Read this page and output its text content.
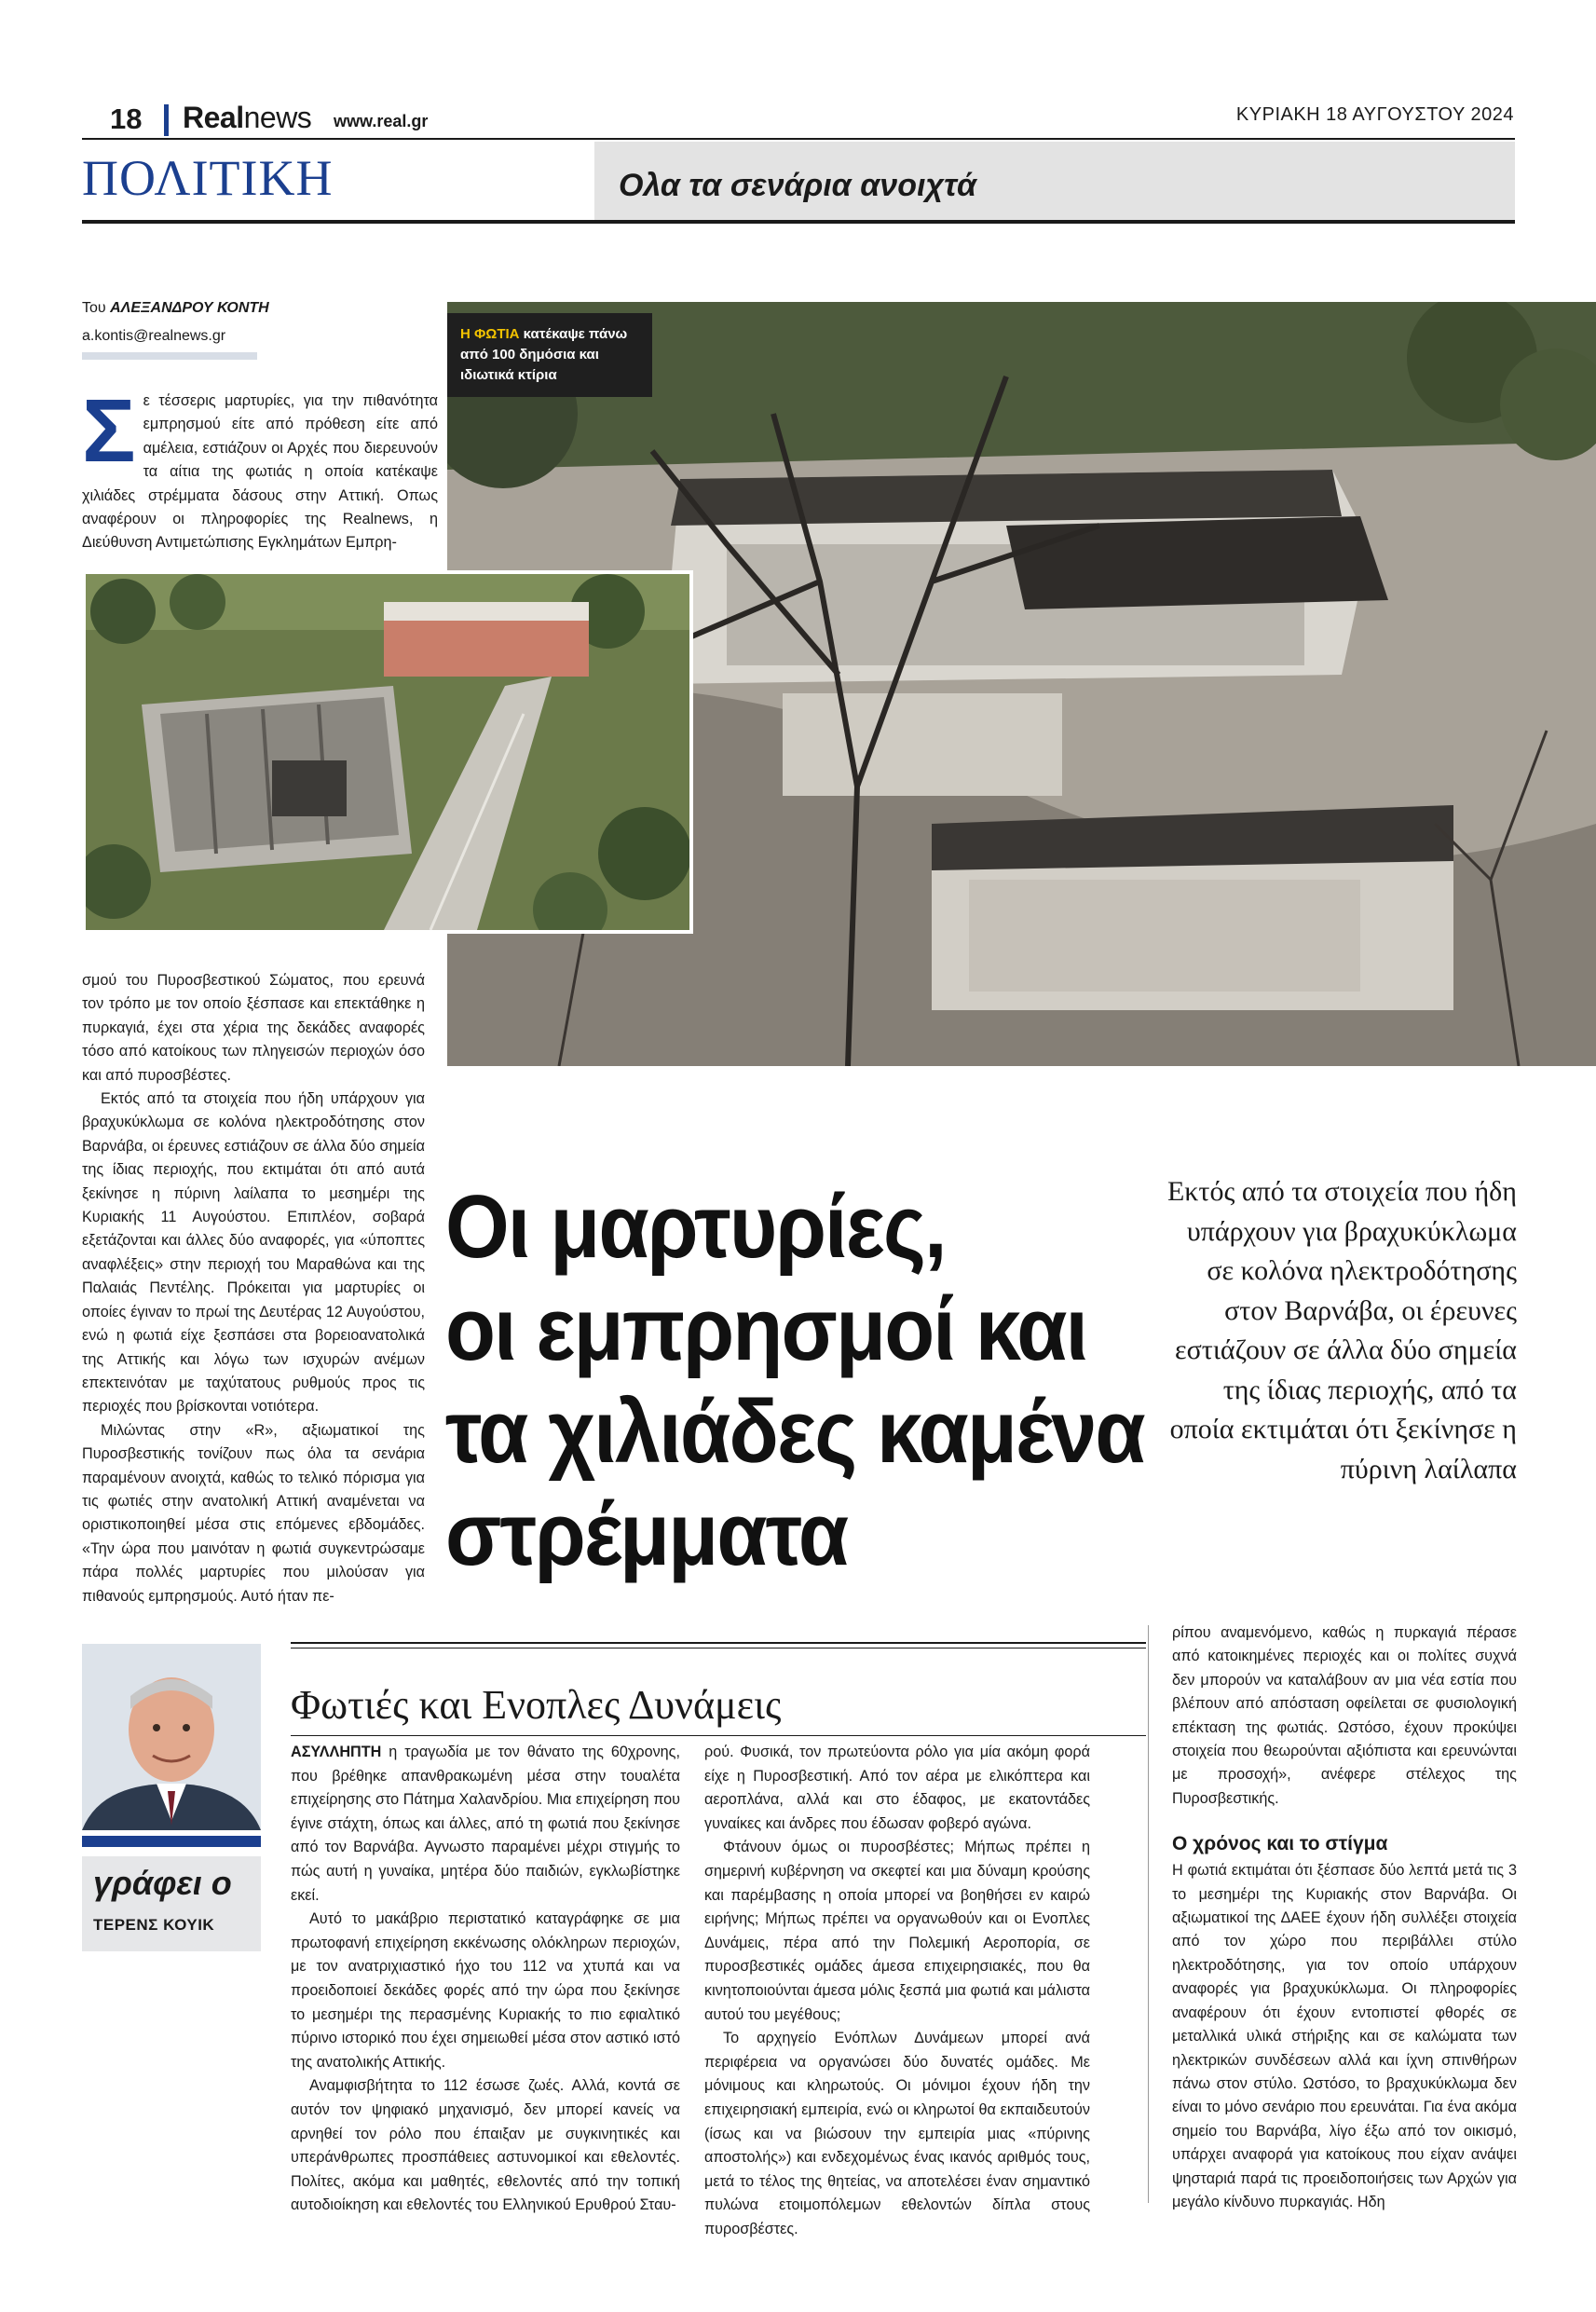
18 Realnews www.real.gr	ΚΥΡΙΑΚΗ 18 ΑΥΓΟΥΣΤΟΥ 2024
ΠΟΛΙΤΙΚΗ	Ολα τα σενάρια ανοιχτά
Του ΑΛΕΞΑΝΔΡΟΥ ΚΟΝΤΗ
a.kontis@realnews.gr

Σε τέσσερις μαρτυρίες, για την πιθανότητα εμπρησμού είτε από πρόθεση είτε από αμέλεια, εστιάζουν οι Αρχές που διερευνούν τα αίτια της φωτιάς η οποία κατέκαψε χιλιάδες στρέμματα δάσους στην Αττική. Οπως αναφέρουν οι πληροφορίες της Realnews, η Διεύθυνση Αντιμετώπισης Εγκλημάτων Εμπρη-

Η ΦΩΤΙΑ κατέκαψε πάνω από 100 δημόσια και ιδιωτικά κτίρια

σμού του Πυροσβεστικού Σώματος, που ερευνά τον τρόπο με τον οποίο ξέσπασε και επεκτάθηκε η πυρκαγιά, έχει στα χέρια της δεκάδες αναφορές τόσο από κατοίκους των πληγεισών περιοχών όσο και από πυροσβέστες.

Εκτός από τα στοιχεία που ήδη υπάρχουν για βραχυκύκλωμα σε κολόνα ηλεκτροδότησης στον Βαρνάβα, οι έρευνες εστιάζουν σε άλλα δύο σημεία της ίδιας περιοχής, που εκτιμάται ότι από αυτά ξεκίνησε η πύρινη λαίλαπα το μεσημέρι της Κυριακής 11 Αυγούστου. Επιπλέον, σοβαρά εξετάζονται και άλλες δύο αναφορές, για «ύποπτες αναφλέξεις» στην περιοχή του Μαραθώνα και της Παλαιάς Πεντέλης. Πρόκειται για μαρτυρίες οι οποίες έγιναν το πρωί της Δευτέρας 12 Αυγούστου, ενώ η φωτιά είχε ξεσπάσει στα βορειοανατολικά της Αττικής και λόγω των ισχυρών ανέμων επεκτεινόταν με ταχύτατους ρυθμούς προς τις περιοχές που βρίσκονται νοτιότερα.

Μιλώντας στην «R», αξιωματικοί της Πυροσβεστικής τονίζουν πως όλα τα σενάρια παραμένουν ανοιχτά, καθώς το τελικό πόρισμα για τις φωτιές στην ανατολική Αττική αναμένεται να οριστικοποιηθεί μέσα στις επόμενες εβδομάδες. «Την ώρα που μαινόταν η φωτιά συγκεντρώσαμε πάρα πολλές μαρτυρίες που μιλούσαν για πιθανούς εμπρησμούς. Αυτό ήταν πε-

Οι μαρτυρίες,
οι εμπρησμοί και
τα χιλιάδες καμένα
στρέμματα
Εκτός από τα στοιχεία που ήδη υπάρχουν για βραχυκύκλωμα σε κολόνα ηλεκτροδότησης στον Βαρνάβα, οι έρευνες εστιάζουν σε άλλα δύο σημεία της ίδιας περιοχής, από τα οποία εκτιμάται ότι ξεκίνησε η πύρινη λαίλαπα
γράφει ο
ΤΕΡΕΝΣ ΚΟΥΙΚ
Φωτιές και Ενοπλες Δυνάμεις

ΑΣΥΛΛΗΠΤΗ η τραγωδία με τον θάνατο της 60χρονης, που βρέθηκε απανθρακωμένη μέσα στην τουαλέτα επιχείρησης στο Πάτημα Χαλανδρίου. Μια επιχείρηση που έγινε στάχτη, όπως και άλλες, από τη φωτιά που ξεκίνησε από τον Βαρνάβα. Αγνωστο παραμένει μέχρι στιγμής το πώς αυτή η γυναίκα, μητέρα δύο παιδιών, εγκλωβίστηκε εκεί.

Αυτό το μακάβριο περιστατικό καταγράφηκε σε μια πρωτοφανή επιχείρηση εκκένωσης ολόκληρων περιοχών, με τον ανατριχιαστικό ήχο του 112 να χτυπά και να προειδοποιεί δεκάδες φορές από την ώρα που ξεκίνησε το μεσημέρι της περασμένης Κυριακής το πιο εφιαλτικό πύρινο ιστορικό που έχει σημειωθεί μέσα στον αστικό ιστό της ανατολικής Αττικής.

Αναμφισβήτητα το 112 έσωσε ζωές. Αλλά, κοντά σε αυτόν τον ψηφιακό μηχανισμό, δεν μπορεί κανείς να αρνηθεί τον ρόλο που έπαιξαν με συγκινητικές και υπεράνθρωπες προσπάθειες αστυνομικοί και εθελοντές. Πολίτες, ακόμα και μαθητές, εθελοντές από την τοπική αυτοδιοίκηση και εθελοντές του Ελληνικού Ερυθρού Σταυ-

ρού. Φυσικά, τον πρωτεύοντα ρόλο για μία ακόμη φορά είχε η Πυροσβεστική. Από τον αέρα με ελικόπτερα και αεροπλάνα, αλλά και στο έδαφος, με εκατοντάδες γυναίκες και άνδρες που έδωσαν φοβερό αγώνα.

Φτάνουν όμως οι πυροσβέστες; Μήπως πρέπει η σημερινή κυβέρνηση να σκεφτεί και μια δύναμη κρούσης και παρέμβασης η οποία μπορεί να βοηθήσει εν καιρώ ειρήνης; Μήπως πρέπει να οργανωθούν και οι Ενοπλες Δυνάμεις, πέρα από την Πολεμική Αεροπορία, σε πυροσβεστικές ομάδες άμεσα επιχειρησιακές, που θα κινητοποιούνται άμεσα μόλις ξεσπά μια φωτιά και μάλιστα αυτού του μεγέθους;

Το αρχηγείο Ενόπλων Δυνάμεων μπορεί ανά περιφέρεια να οργανώσει δύο δυνατές ομάδες. Με μόνιμους και κληρωτούς. Οι μόνιμοι έχουν ήδη την επιχειρησιακή εμπειρία, ενώ οι κληρωτοί θα εκπαιδευτούν (ίσως και να βιώσουν την εμπειρία μιας «πύρινης αποστολής») και ενδεχομένως ένας ικανός αριθμός τους, μετά το τέλος της θητείας, να αποτελέσει έναν σημαντικό πυλώνα ετοιμοπόλεμων εθελοντών δίπλα στους πυροσβέστες.

ρίπου αναμενόμενο, καθώς η πυρκαγιά πέρασε από κατοικημένες περιοχές και οι πολίτες συχνά δεν μπορούν να καταλάβουν αν μια νέα εστία που βλέπουν από απόσταση οφείλεται σε φυσιολογική επέκταση της φωτιάς. Ωστόσο, έχουν προκύψει στοιχεία που θεωρούνται αξιόπιστα και ερευνώνται με προσοχή», ανέφερε στέλεχος της Πυροσβεστικής.

Ο χρόνος και το στίγμα

Η φωτιά εκτιμάται ότι ξέσπασε δύο λεπτά μετά τις 3 το μεσημέρι της Κυριακής στον Βαρνάβα. Οι αξιωματικοί της ΔΑΕΕ έχουν ήδη συλλέξει στοιχεία από τον χώρο που περιβάλλει στύλο ηλεκτροδότησης, για τον οποίο υπάρχουν αναφορές για βραχυκύκλωμα. Οι πληροφορίες αναφέρουν ότι έχουν εντοπιστεί φθορές σε μεταλλικά υλικά στήριξης και σε καλώματα των ηλεκτρικών συνδέσεων αλλά και ίχνη σπινθήρων πάνω στον στύλο. Ωστόσο, το βραχυκύκλωμα δεν είναι το μόνο σενάριο που ερευνάται. Για ένα ακόμα σημείο του Βαρνάβα, λίγο έξω από τον οικισμό, υπάρχει αναφορά για κατοίκους που είχαν ανάψει ψησταριά παρά τις προειδοποιήσεις των Αρχών για μεγάλο κίνδυνο πυρκαγιάς. Ηδη
